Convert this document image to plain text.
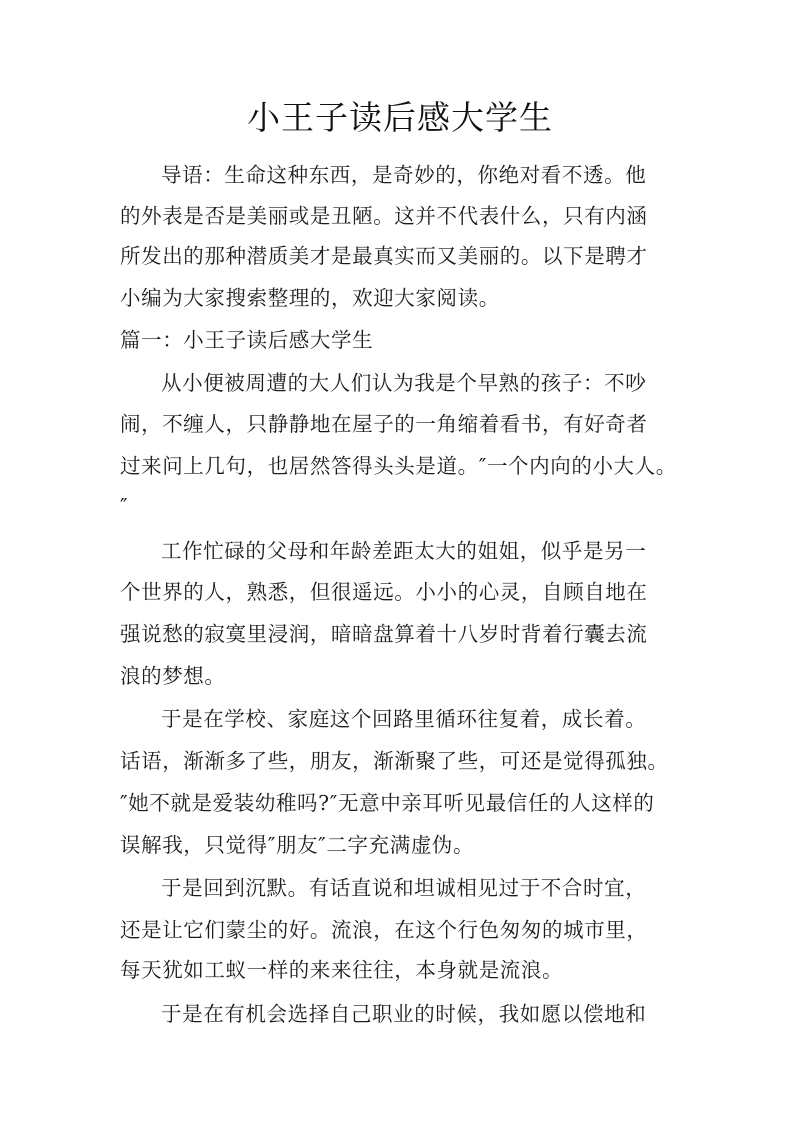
小王子读后感大学生
导语：生命这种东西，是奇妙的，你绝对看不透。他
的外表是否是美丽或是丑陋。这并不代表什么，只有内涵
所发出的那种潜质美才是最真实而又美丽的。以下是聘才
小编为大家搜索整理的，欢迎大家阅读。
篇一：小王子读后感大学生
从小便被周遭的大人们认为我是个早熟的孩子：不吵
闹，不缠人，只静静地在屋子的一角缩着看书，有好奇者
过来问上几句，也居然答得头头是道。″一个内向的小大人。
″
工作忙碌的父母和年龄差距太大的姐姐，似乎是另一
个世界的人，熟悉，但很遥远。小小的心灵，自顾自地在
强说愁的寂寞里浸润，暗暗盘算着十八岁时背着行囊去流
浪的梦想。
于是在学校、家庭这个回路里循环往复着，成长着。
话语，渐渐多了些，朋友，渐渐聚了些，可还是觉得孤独。
″她不就是爱装幼稚吗?″无意中亲耳听见最信任的人这样的
误解我，只觉得″朋友″二字充满虚伪。
于是回到沉默。有话直说和坦诚相见过于不合时宜，
还是让它们蒙尘的好。流浪，在这个行色匆匆的城市里，
每天犹如工蚁一样的来来往往，本身就是流浪。
于是在有机会选择自己职业的时候，我如愿以偿地和
